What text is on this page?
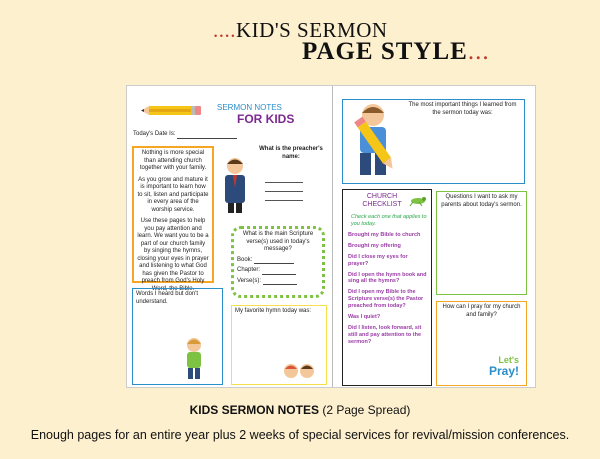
....KID'S SERMON
PAGE STYLE...
SERMON NOTES
FOR KIDS
Today's Date Is:

Nothing is more special than attending church together with your family.

As you grow and mature it is important to learn how to sit, listen and participate in every area of the worship service.

Use these pages to help you pay attention and learn. We want you to be a part of our church family by singing the hymns, closing your eyes in prayer and listening to what God has given the Pastor to preach from God's Holy Word, the Bible.

What is the preacher's name:

What is the main Scripture verse(s) used in today's message?

Book:

Chapter:

Verse(s):

Words I heard but don't understand.

My favorite hymn today was:

The most important things I learned from the sermon today was:

CHURCH CHECKLIST
Check each one that applies to you today.

Brought my Bible to church

Brought my offering

Did I close my eyes for prayer?

Did I open the hymn book and sing all the hymns?

Did I open my Bible to the Scripture verse(s) the Pastor preached from today?

Was I quiet?

Did I listen, look forward, sit still and pay attention to the sermon?

Questions I want to ask my parents about today's sermon.

How can I pray for my church and family?

Let's
Pray!
KIDS SERMON NOTES (2 Page Spread)
Enough pages for an entire year plus 2 weeks of special services for revival/mission conferences.
